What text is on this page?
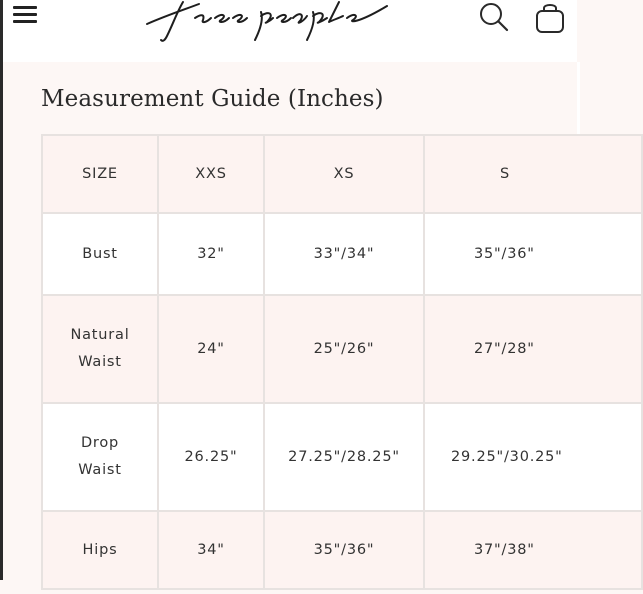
Measurement Guide (Inches)
SIZE	XXS	XS	S
Bust	32"	33"/34"	35"/36"
Natural Waist	24"	25"/26"	27"/28"
Drop Waist	26.25"	27.25"/28.25"	29.25"/30.25"
Hips	34"	35"/36"	37"/38"
